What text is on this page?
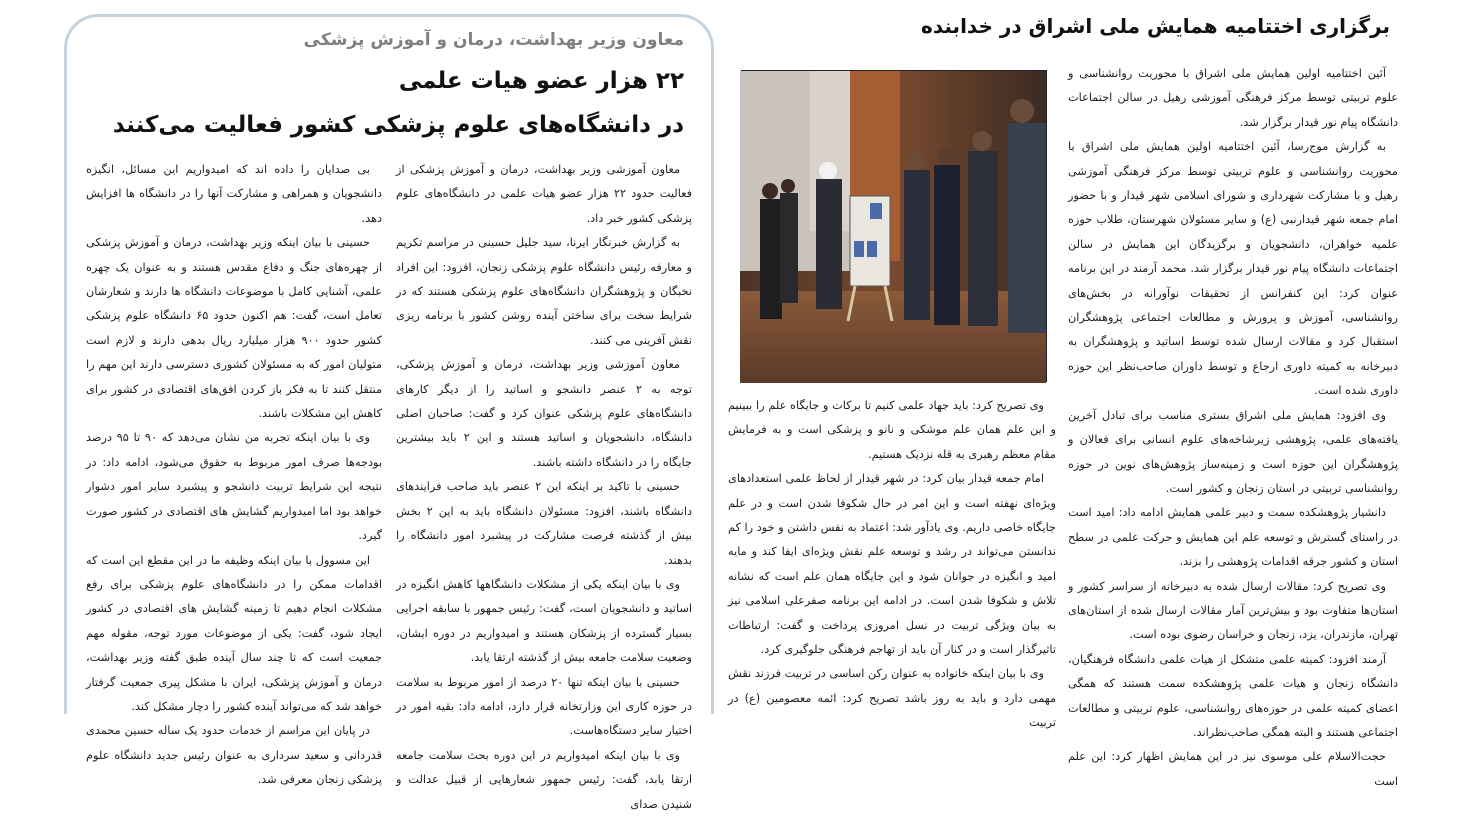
معاون وزیر بهداشت، درمان و آموزش پزشکی
۲۲ هزار عضو هیات علمی
در دانشگاه‌های علوم پزشکی کشور فعالیت می‌کنند

معاون آموزشی وزیر بهداشت، درمان و آموزش پزشکی از فعالیت حدود ۲۲ هزار عضو هیات علمی در دانشگاه‌های علوم پزشکی کشور خبر داد.

به گزارش خبرنگار ایرنا، سید جلیل حسینی در مراسم تکریم و معارفه رئیس دانشگاه علوم پزشکی زنجان، افزود: این افراد نخبگان و پژوهشگران دانشگاه‌های علوم پزشکی هستند که در شرایط سخت برای ساختن آینده روشن کشور با برنامه ریزی نقش آفرینی می کنند.

معاون آموزشی وزیر بهداشت، درمان و آموزش پزشکی، توجه به ۲ عنصر دانشجو و اساتید را از دیگر کارهای دانشگاه‌های علوم پزشکی عنوان کرد و گفت: صاحبان اصلی دانشگاه، دانشجویان و اساتید هستند و این ۲ باید بیشترین جایگاه را در دانشگاه داشته باشند.

حسینی با تاکید بر اینکه این ۲ عنصر باید صاحب فرایندهای دانشگاه باشند، افزود: مسئولان دانشگاه باید به این ۲ بخش بیش از گذشته فرصت مشارکت در پیشبرد امور دانشگاه را بدهند.

وی با بیان اینکه یکی از مشکلات دانشگاهها کاهش انگیزه در اساتید و دانشجویان است، گفت: رئیس جمهور با سابقه اجرایی بسیار گسترده از پزشکان هستند و امیدواریم در دوره ایشان، وضعیت سلامت جامعه بیش از گذشته ارتقا یابد.

حسینی با بیان اینکه تنها ۲۰ درصد از امور مربوط به سلامت در حوزه کاری این وزارتخانه قرار دارد، ادامه داد: بقیه امور در اختیار سایر دستگاه‌هاست.

وی با بیان اینکه امیدواریم در این دوره بحث سلامت جامعه ارتقا یابد، گفت: رئیس جمهور شعارهایی از قبیل عدالت و شنیدن صدای

بی صدایان را داده اند که امیدواریم این مسائل، انگیزه دانشجویان و همراهی و مشارکت آنها را در دانشگاه ها افزایش دهد.

حسینی با بیان اینکه وزیر بهداشت، درمان و آموزش پزشکی از چهره‌های جنگ و دفاع مقدس هستند و به عنوان یک چهره علمی، آشنایی کامل با موضوعات دانشگاه ها دارند و شعارشان تعامل است، گفت: هم اکنون حدود ۶۵ دانشگاه علوم پزشکی کشور حدود ۹۰۰ هزار میلیارد ریال بدهی دارند و لازم است متولیان امور که به مسئولان کشوری دسترسی دارند این مهم را منتقل کنند تا به فکر باز کردن افق‌های اقتصادی در کشور برای کاهش این مشکلات باشند.

وی با بیان اینکه تجربه من نشان می‌دهد که ۹۰ تا ۹۵ درصد بودجه‌ها صرف امور مربوط به حقوق می‌شود، ادامه داد: در نتیجه این شرایط تربیت دانشجو و پیشبرد سایر امور دشوار خواهد بود اما امیدواریم گشایش های اقتصادی در کشور صورت گیرد.

این مسوول با بیان اینکه وظیفه ما در این مقطع این است که اقدامات ممکن را در دانشگاه‌های علوم پزشکی برای رفع مشکلات انجام دهیم تا زمینه گشایش های اقتصادی در کشور ایجاد شود، گفت: یکی از موضوعات مورد توجه، مقوله مهم جمعیت است که تا چند سال آینده طبق گفته وزیر بهداشت، درمان و آموزش پزشکی، ایران با مشکل پیری جمعیت گرفتار خواهد شد که می‌تواند آینده کشور را دچار مشکل کند.

در پایان این مراسم از خدمات حدود یک ساله حسین محمدی قدردانی و سعید سرداری به عنوان رئیس جدید دانشگاه علوم پزشکی زنجان معرفی شد.

برگزاری اختتامیه همایش ملی اشراق در خدابنده

آئین اختتامیه اولین همایش ملی اشراق با محوریت روانشناسی و علوم تربیتی توسط مرکز فرهنگی آموزشی رهیل در سالن اجتماعات دانشگاه پیام نور قیدار برگزار شد.

به گزارش موج‌رسا، آئین اختتامیه اولین همایش ملی اشراق با محوریت روانشناسی و علوم تربیتی توسط مرکز فرهنگی آموزشی رهیل و با مشارکت شهرداری و شورای اسلامی شهر قیدار و با حضور امام جمعه شهر قیدارنبی (ع) و سایر مسئولان شهرستان، طلاب حوزه علمیه خواهران، دانشجویان و برگزیدگان این همایش در سالن اجتماعات دانشگاه پیام نور قیدار برگزار شد. محمد آرمند در این برنامه عنوان کرد: این کنفرانس از تحقیقات نوآورانه در بخش‌های روانشناسی، آموزش و پرورش و مطالعات اجتماعی پژوهشگران استقبال کرد و مقالات ارسال شده توسط اساتید و پژوهشگران به دبیرخانه به کمیته داوری ارجاع و توسط داوران صاحب‌نظر این حوزه داوری شده است.

وی افزود: همایش ملی اشراق بستری مناسب برای تبادل آخرین یافته‌های علمی، پژوهشی زیرشاخه‌های علوم انسانی برای فعالان و پژوهشگران این حوزه است و زمینه‌ساز پژوهش‌های نوین در حوزه روانشناسی تربیتی در استان زنجان و کشور است.

دانشیار پژوهشکده سمت و دبیر علمی همایش ادامه داد: امید است در راستای گسترش و توسعه علم این همایش و حرکت علمی در سطح استان و کشور جرقه اقدامات پژوهشی را بزند.

وی تصریح کرد: مقالات ارسال شده به دبیرخانه از سراسر کشور و استان‌ها متفاوت بود و بیش‌ترین آمار مقالات ارسال شده از استان‌های تهران، مازندران، یزد، زنجان و خراسان رضوی بوده است.

آرمند افزود: کمیته علمی متشکل از هیات علمی دانشگاه فرهنگیان، دانشگاه زنجان و هیات علمی پژوهشکده سمت هستند که همگی اعضای کمیته علمی در حوزه‌های روانشناسی، علوم تربیتی و مطالعات اجتماعی هستند و البته همگی صاحب‌نظراند.

حجت‌الاسلام علی موسوی نیز در این همایش اظهار کرد: این علم است

وی تصریح کرد: باید جهاد علمی کنیم تا برکات و جایگاه علم را ببینیم و این علم همان علم موشکی و نانو و پزشکی است و به فرمایش مقام معظم رهبری به قله نزدیک هستیم.

امام جمعه قیدار بیان کرد: در شهر قیدار از لحاظ علمی استعدادهای ویژه‌ای نهفته است و این امر در حال شکوفا شدن است و در علم جایگاه خاصی داریم. وی یادآور شد: اعتماد به نفس داشتن و خود را کم ندانستن می‌تواند در رشد و توسعه علم نقش ویژه‌ای ایفا کند و مایه امید و انگیزه در جوانان شود و این جایگاه همان علم است که نشانه تلاش و شکوفا شدن است. در ادامه این برنامه صفرعلی اسلامی نیز به بیان ویژگی تربیت در نسل امروزی پرداخت و گفت: ارتباطات تاثیرگذار است و در کنار آن باید از تهاجم فرهنگی جلوگیری کرد.

وی با بیان اینکه خانواده به عنوان رکن اساسی در تربیت فرزند نقش مهمی دارد و باید به روز باشد تصریح کرد: ائمه معصومین (ع) در تربیت
